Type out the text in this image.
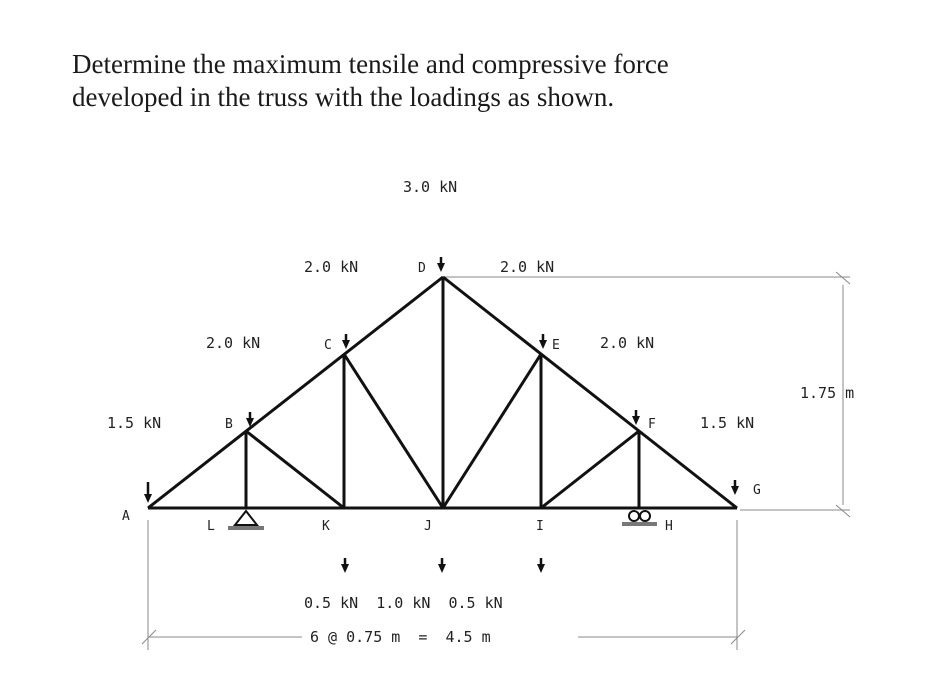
Determine the maximum tensile and compressive force
developed in the truss with the loadings as shown.
3.0 kN
2.0 kN	2.0 kN
2.0 kN	2.0 kN
1.5 kN	1.5 kN
0.5 kN  1.0 kN  0.5 kN
A
B
C
D
E
F
G
H
I
J
K
L
1.75 m
6 @ 0.75 m  =  4.5 m
